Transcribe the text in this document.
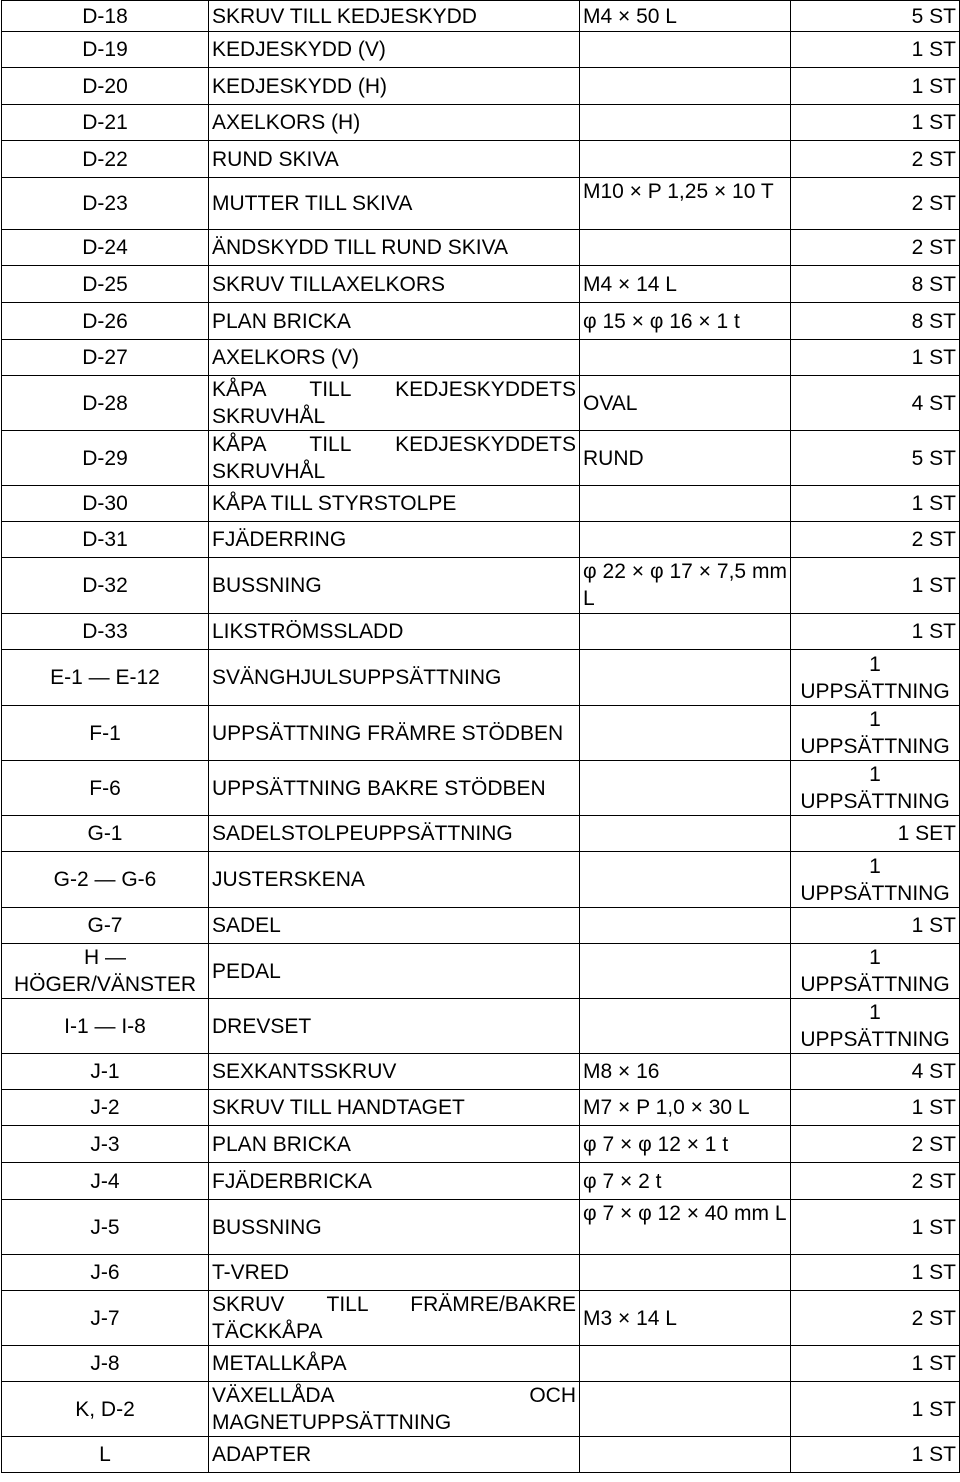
D-18	SKRUV TILL KEDJESKYDD	M4 × 50 L	5 ST
D-19	KEDJESKYDD (V)		1 ST
D-20	KEDJESKYDD (H)		1 ST
D-21	AXELKORS (H)		1 ST
D-22	RUND SKIVA		2 ST
D-23	MUTTER TILL SKIVA	M10 × P 1,25 × 10 T	2 ST
D-24	ÄNDSKYDD TILL RUND SKIVA		2 ST
D-25	SKRUV TILLAXELKORS	M4 × 14 L	8 ST
D-26	PLAN BRICKA	φ 15 × φ 16 × 1 t	8 ST
D-27	AXELKORS (V)		1 ST
D-28	KÅPA TILL KEDJESKYDDETS SKRUVHÅL	OVAL	4 ST
D-29	KÅPA TILL KEDJESKYDDETS SKRUVHÅL	RUND	5 ST
D-30	KÅPA TILL STYRSTOLPE		1 ST
D-31	FJÄDERRING		2 ST
D-32	BUSSNING	φ 22 × φ 17 × 7,5 mm L	1 ST
D-33	LIKSTRÖMSSLADD		1 ST
E-1 — E-12	SVÄNGHJULSUPPSÄTTNING		1 UPPSÄTTNING
F-1	UPPSÄTTNING FRÄMRE STÖDBEN		1 UPPSÄTTNING
F-6	UPPSÄTTNING BAKRE STÖDBEN		1 UPPSÄTTNING
G-1	SADELSTOLPEUPPSÄTTNING		1 SET
G-2 — G-6	JUSTERSKENA		1 UPPSÄTTNING
G-7	SADEL		1 ST
H — HÖGER/VÄNSTER	PEDAL		1 UPPSÄTTNING
I-1 — I-8	DREVSET		1 UPPSÄTTNING
J-1	SEXKANTSSKRUV	M8 × 16	4 ST
J-2	SKRUV TILL HANDTAGET	M7 × P 1,0 × 30 L	1 ST
J-3	PLAN BRICKA	φ 7 × φ 12 × 1 t	2 ST
J-4	FJÄDERBRICKA	φ 7 × 2 t	2 ST
J-5	BUSSNING	φ 7 × φ 12 × 40 mm L	1 ST
J-6	T-VRED		1 ST
J-7	SKRUV TILL FRÄMRE/BAKRE TÄCKKÅPA	M3 × 14 L	2 ST
J-8	METALLKÅPA		1 ST
K, D-2	VÄXELLÅDA OCH MAGNETUPPSÄTTNING		1 ST
L	ADAPTER		1 ST
